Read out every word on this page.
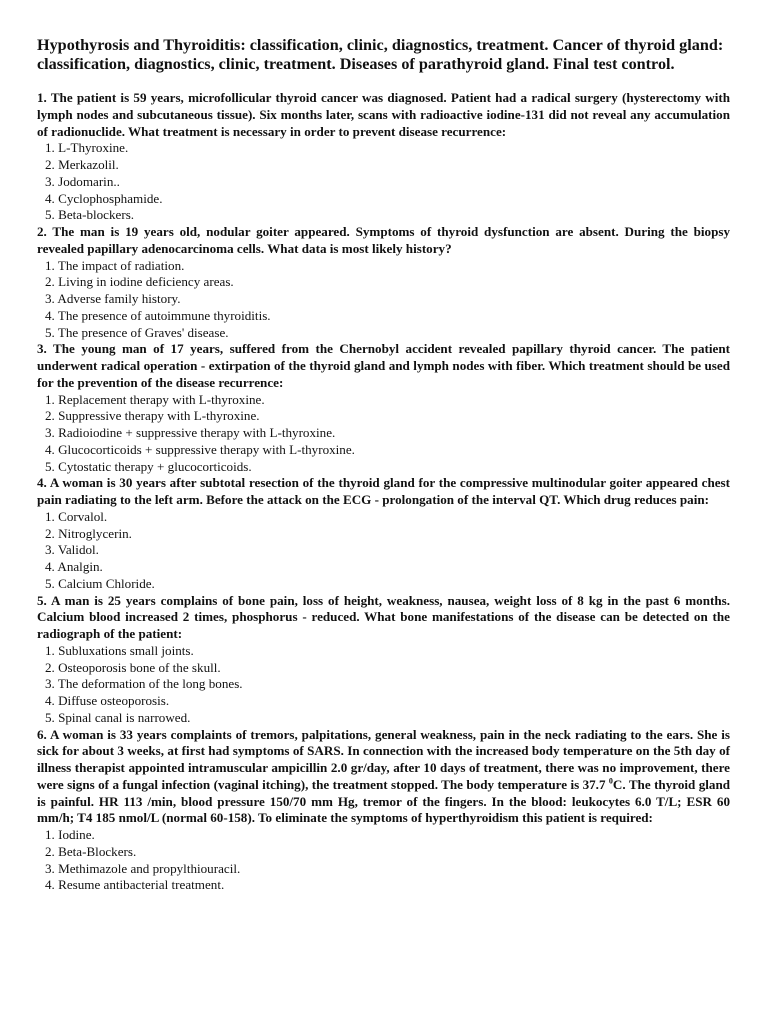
Hypothyrosis and Thyroiditis: classification, clinic, diagnostics, treatment. Cancer of thyroid gland: classification, diagnostics, clinic, treatment. Diseases of parathyroid gland. Final test control.

1. The patient is 59 years, microfollicular thyroid cancer was diagnosed. Patient had a radical surgery (hysterectomy with lymph nodes and subcutaneous tissue). Six months later, scans with radioactive iodine-131 did not reveal any accumulation of radionuclide. What treatment is necessary in order to prevent disease recurrence:

1. L-Thyroxine.
2. Merkazolil.
3. Jodomarin..
4. Cyclophosphamide.
5. Beta-blockers.

2. The man is 19 years old, nodular goiter appeared. Symptoms of thyroid dysfunction are absent. During the biopsy revealed papillary adenocarcinoma cells. What data is most likely history?

1. The impact of radiation.
2. Living in iodine deficiency areas.
3. Adverse family history.
4. The presence of autoimmune thyroiditis.
5. The presence of Graves' disease.

3. The young man of 17 years, suffered from the Chernobyl accident revealed papillary thyroid cancer. The patient underwent radical operation - extirpation of the thyroid gland and lymph nodes with fiber. Which treatment should be used for the prevention of the disease recurrence:

1. Replacement therapy with L-thyroxine.
2. Suppressive therapy with L-thyroxine.
3. Radioiodine + suppressive therapy with L-thyroxine.
4. Glucocorticoids + suppressive therapy with L-thyroxine.
5. Cytostatic therapy + glucocorticoids.

4. A woman is 30 years after subtotal resection of the thyroid gland for the compressive multinodular goiter appeared chest pain radiating to the left arm. Before the attack on the ECG - prolongation of the interval QT. Which drug reduces pain:

1. Corvalol.
2. Nitroglycerin.
3. Validol.
4. Analgin.
5. Calcium Chloride.

5. A man is 25 years complains of bone pain, loss of height, weakness, nausea, weight loss of 8 kg in the past 6 months. Calcium blood increased 2 times, phosphorus - reduced. What bone manifestations of the disease can be detected on the radiograph of the patient:

1. Subluxations small joints.
2. Osteoporosis bone of the skull.
3. The deformation of the long bones.
4. Diffuse osteoporosis.
5. Spinal canal is narrowed.

6. A woman is 33 years complaints of tremors, palpitations, general weakness, pain in the neck radiating to the ears. She is sick for about 3 weeks, at first had symptoms of SARS. In connection with the increased body temperature on the 5th day of illness therapist appointed intramuscular ampicillin 2.0 gr/day, after 10 days of treatment, there was no improvement, there were signs of a fungal infection (vaginal itching), the treatment stopped. The body temperature is 37.7 $^0$C. The thyroid gland is painful. HR 113 /min, blood pressure 150/70 mm Hg, tremor of the fingers. In the blood: leukocytes 6.0 T/L; ESR 60 mm/h; T4 185 nmol/L (normal 60-158). To eliminate the symptoms of hyperthyroidism this patient is required:

1. Iodine.
2. Beta-Blockers.
3. Methimazole and propylthiouracil.
4. Resume antibacterial treatment.
